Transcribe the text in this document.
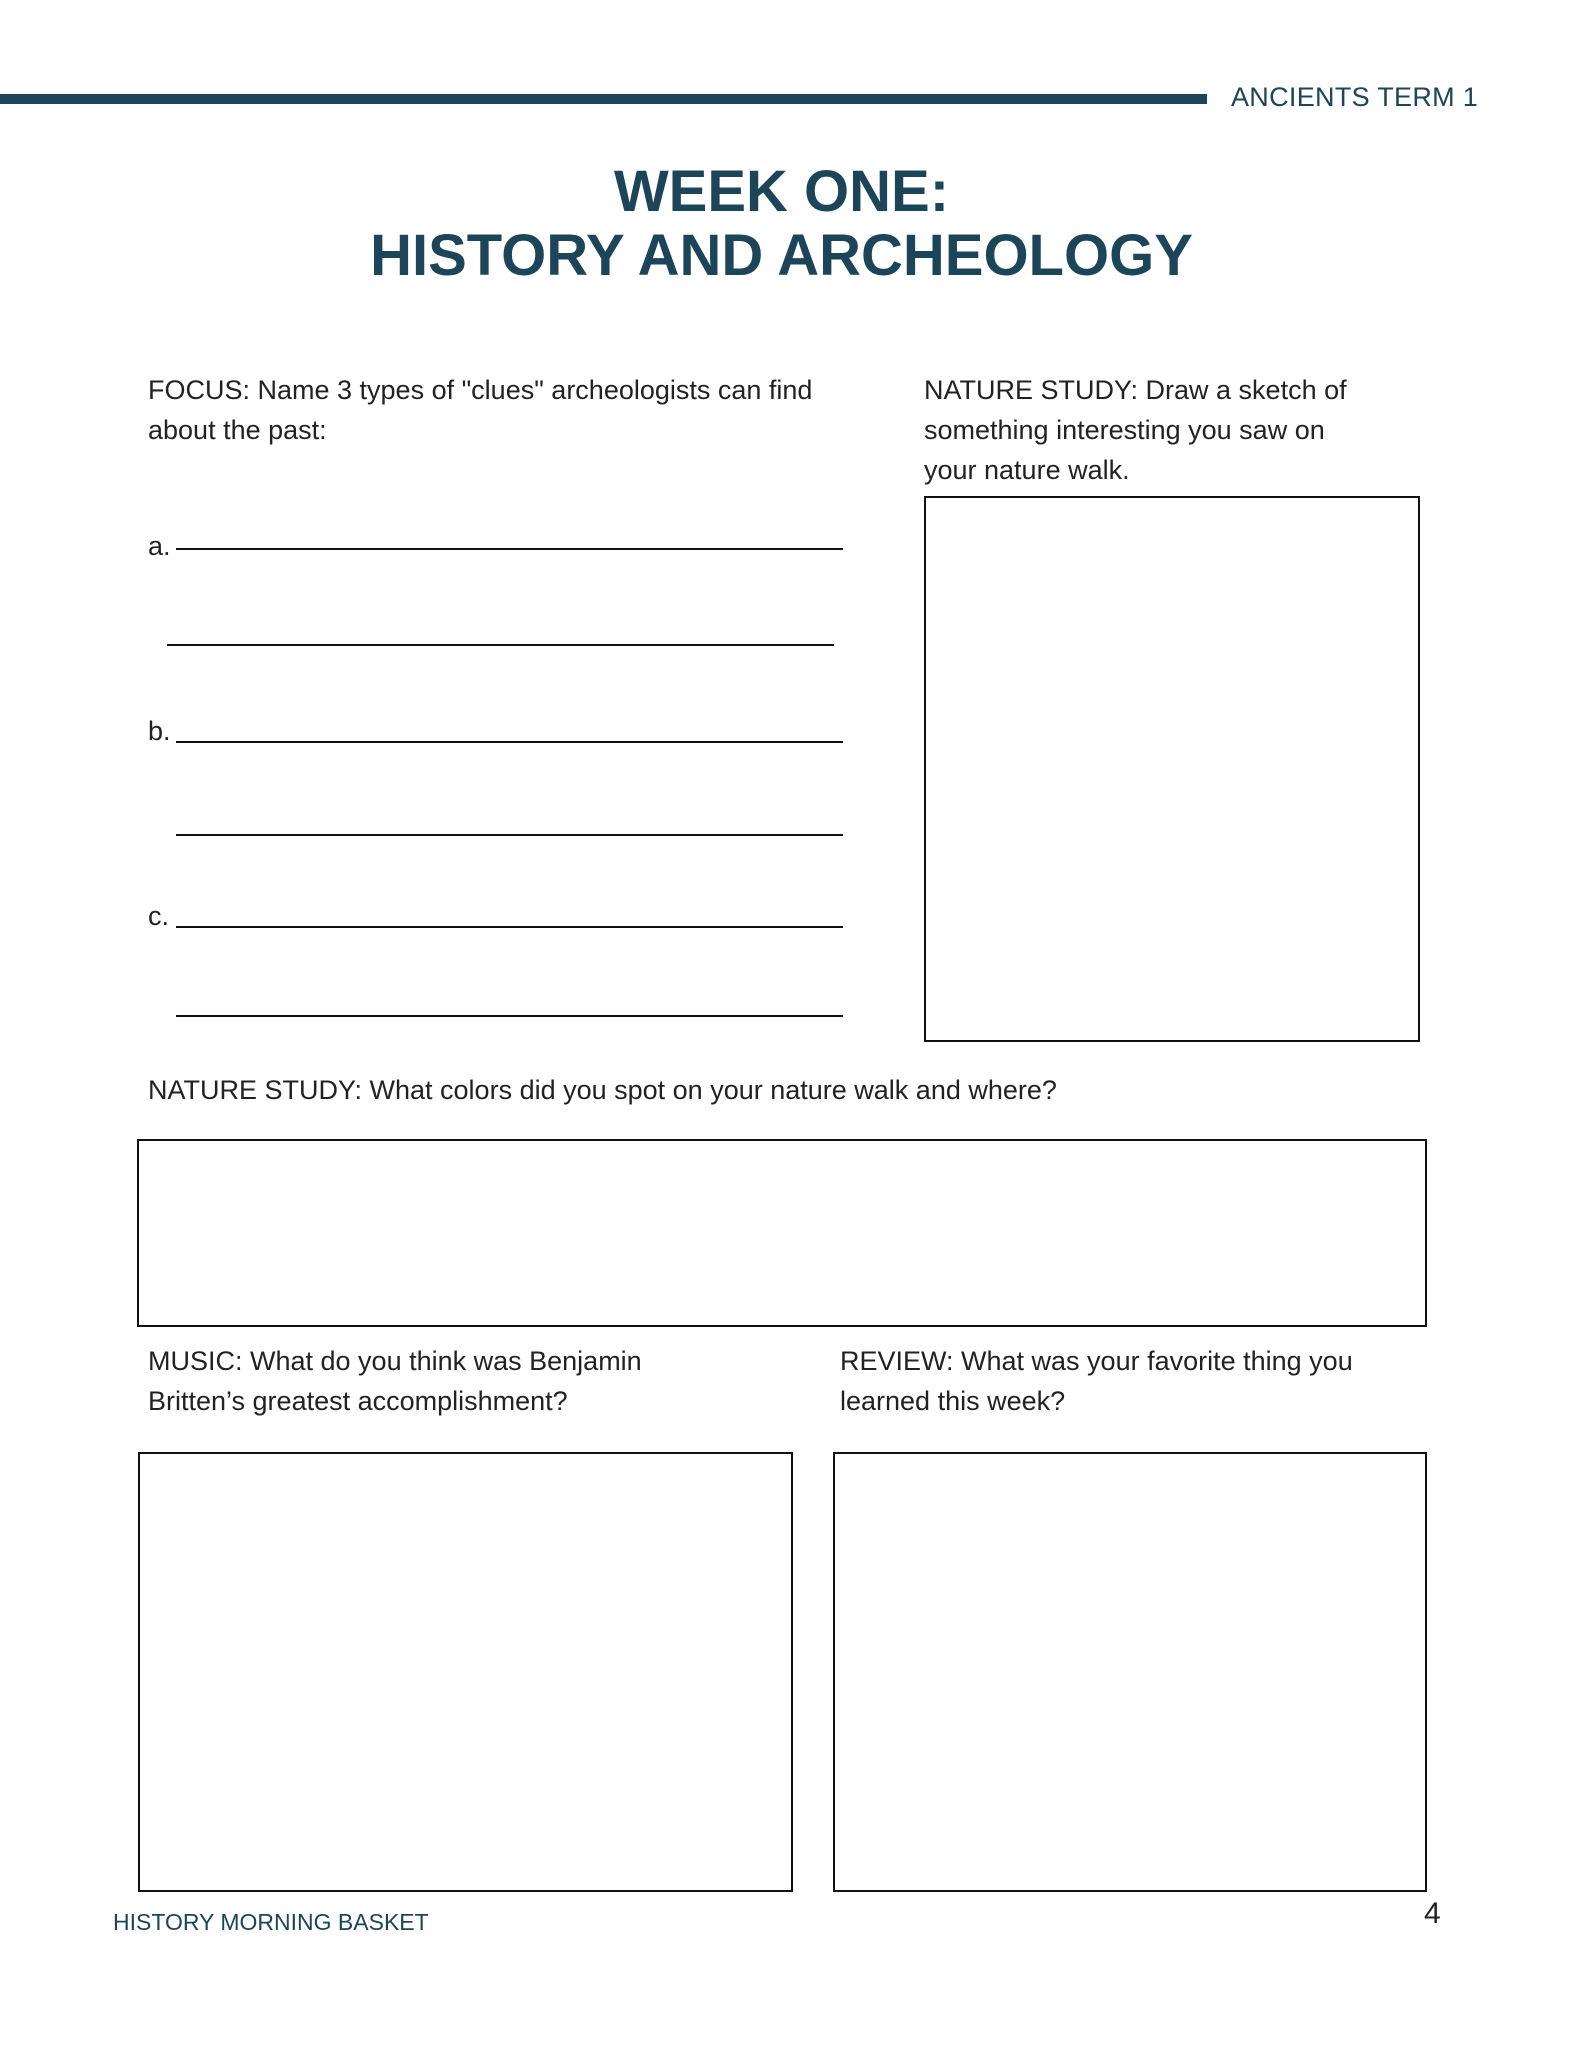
ANCIENTS TERM 1
WEEK ONE:
HISTORY AND ARCHEOLOGY
FOCUS: Name 3 types of "clues" archeologists can find
about the past:
a.
b.
c.
NATURE STUDY: Draw a sketch of
something interesting you saw on
your nature walk.
NATURE STUDY: What colors did you spot on your nature walk and where?
MUSIC: What do you think was Benjamin
Britten’s greatest accomplishment?
REVIEW: What was your favorite thing you
learned this week?
HISTORY MORNING BASKET	4
